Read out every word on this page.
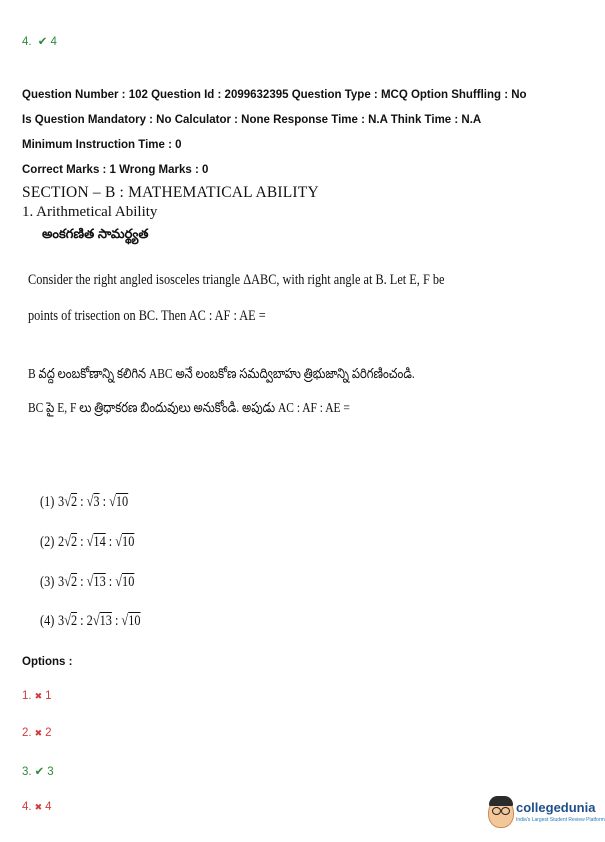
4. ✔ 4
Question Number : 102 Question Id : 2099632395 Question Type : MCQ Option Shuffling : No
Is Question Mandatory : No Calculator : None Response Time : N.A Think Time : N.A
Minimum Instruction Time : 0
Correct Marks : 1 Wrong Marks : 0
SECTION – B : MATHEMATICAL ABILITY
1. Arithmetical Ability
అంకగణిత సామర్థ్యత
Consider the right angled isosceles triangle ΔABC, with right angle at B. Let E, F be
points of trisection on BC. Then AC : AF : AE =
B వద్ద లంబకోణాన్ని కలిగిన ABC అనే లంబకోణ సమద్విబాహు త్రిభుజాన్ని పరిగణించండి.
BC పై E, F లు త్రిధాకరణ బిందువులు అనుకోండి. అపుడు AC : AF : AE =
(1) 3√2 : √3 : √10
(2) 2√2 : √14 : √10
(3) 3√2 : √13 : √10
(4) 3√2 : 2√13 : √10
Options :
1. ✖ 1
2. ✖ 2
3. ✔ 3
4. ✖ 4	collegedunia
India's Largest Student Review Platform
